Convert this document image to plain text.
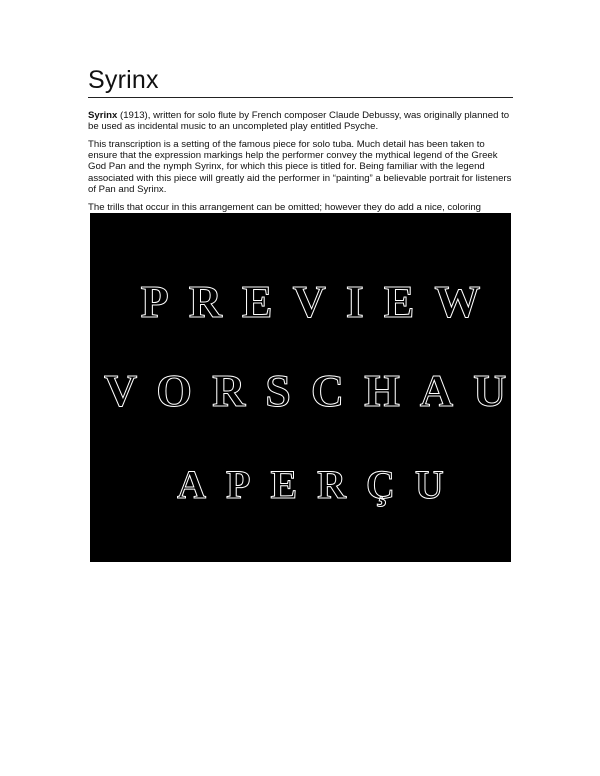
Syrinx

Syrinx (1913), written for solo flute by French composer Claude Debussy, was originally planned to be used as incidental music to an uncompleted play entitled Psyche.

This transcription is a setting of the famous piece for solo tuba. Much detail has been taken to ensure that the expression markings help the performer convey the mythical legend of the Greek God Pan and the nymph Syrinx, for which this piece is titled for. Being familiar with the legend associated with this piece will greatly aid the performer in “painting” a believable portrait for listeners of Pan and Syrinx.

The trills that occur in this arrangement can be omitted; however they do add a nice, coloring

PREVIEW
VORSCHAU
APERÇU
